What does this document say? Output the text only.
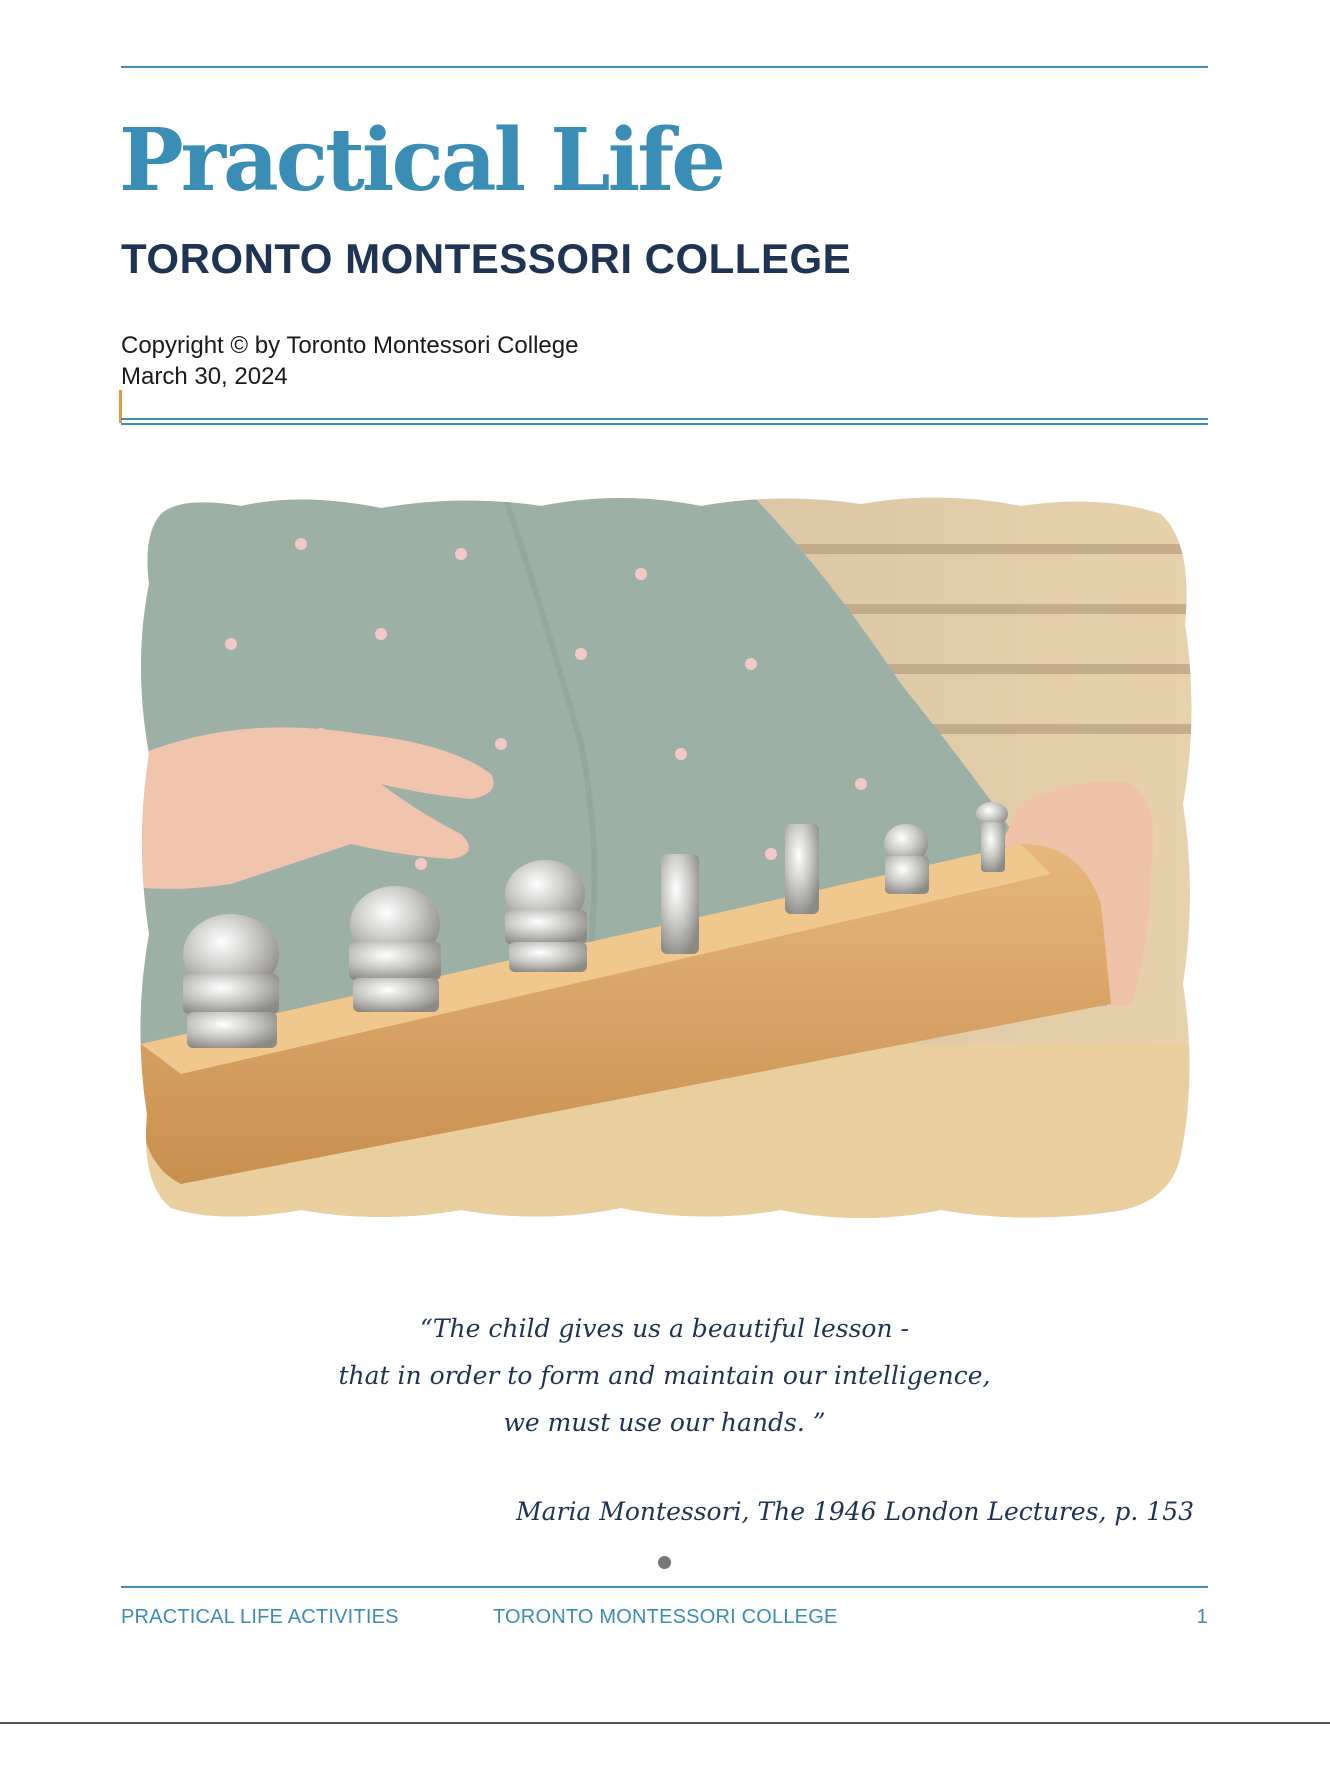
Practical Life
TORONTO MONTESSORI COLLEGE
Copyright © by Toronto Montessori College
March 30, 2024
“The child gives us a beautiful lesson -
that in order to form and maintain our intelligence,
we must use our hands. ”
Maria Montessori, The 1946 London Lectures, p. 153
PRACTICAL LIFE ACTIVITIES	TORONTO MONTESSORI COLLEGE	1
